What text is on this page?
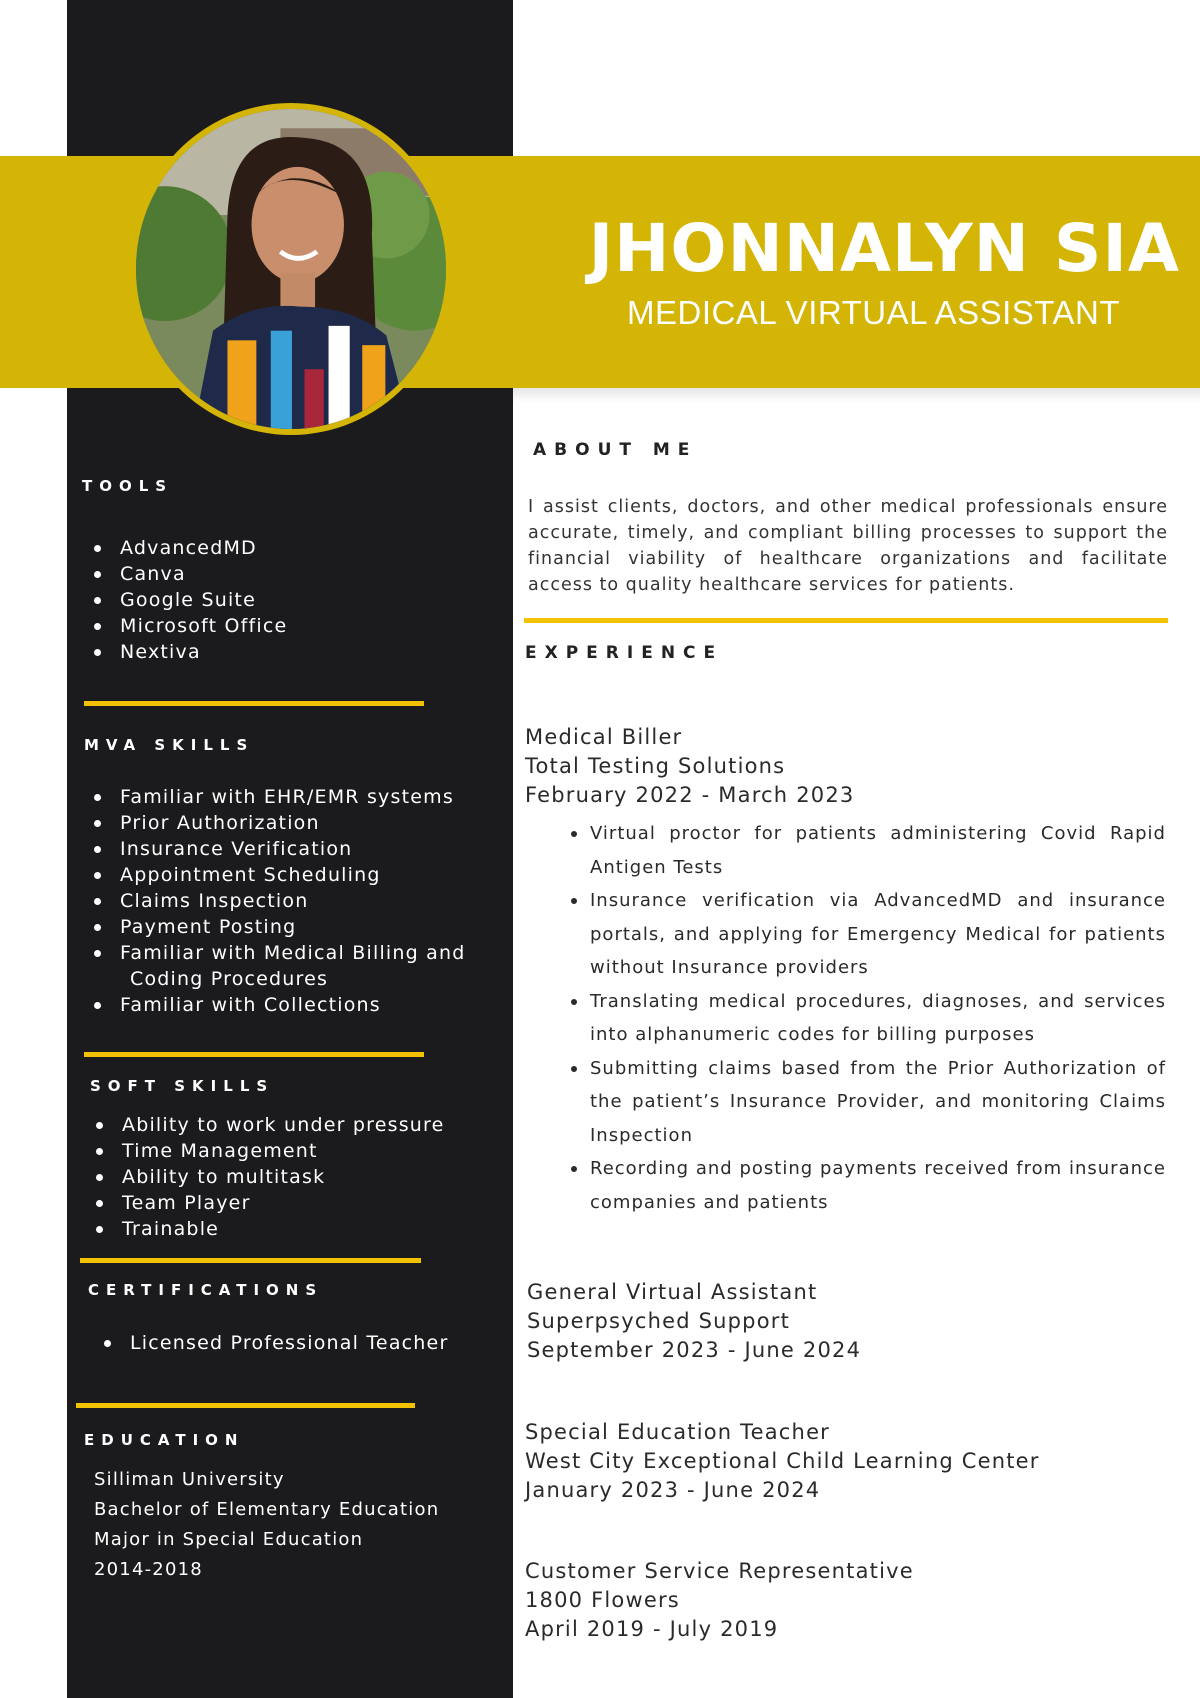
JHONNALYN SIA
MEDICAL VIRTUAL ASSISTANT
TOOLS
AdvancedMD
Canva
Google Suite
Microsoft Office
Nextiva
MVA SKILLS
Familiar with EHR/EMR systems
Prior Authorization
Insurance Verification
Appointment Scheduling
Claims Inspection
Payment Posting
Familiar with Medical Billing and
Coding Procedures
Familiar with Collections
SOFT SKILLS
Ability to work under pressure
Time Management
Ability to multitask
Team Player
Trainable
CERTIFICATIONS
Licensed Professional Teacher
EDUCATION
Silliman University
Bachelor of Elementary Education
Major in Special Education
2014-2018
ABOUT ME
I assist clients, doctors, and other medical professionals ensure accurate, timely, and compliant billing processes to support the financial viability of healthcare organizations and facilitate access to quality healthcare services for patients.
EXPERIENCE
Medical Biller
Total Testing Solutions
February 2022 - March 2023
Virtual proctor for patients administering Covid Rapid Antigen Tests
Insurance verification via AdvancedMD and insurance portals, and applying for Emergency Medical for patients without Insurance providers
Translating medical procedures, diagnoses, and services into alphanumeric codes for billing purposes
Submitting claims based from the Prior Authorization of the patient’s Insurance Provider, and monitoring Claims Inspection
Recording and posting payments received from insurance companies and patients
General Virtual Assistant
Superpsyched Support
September 2023 - June 2024
Special Education Teacher
West City Exceptional Child Learning Center
January 2023 - June 2024
Customer Service Representative
1800 Flowers
April 2019 - July 2019
